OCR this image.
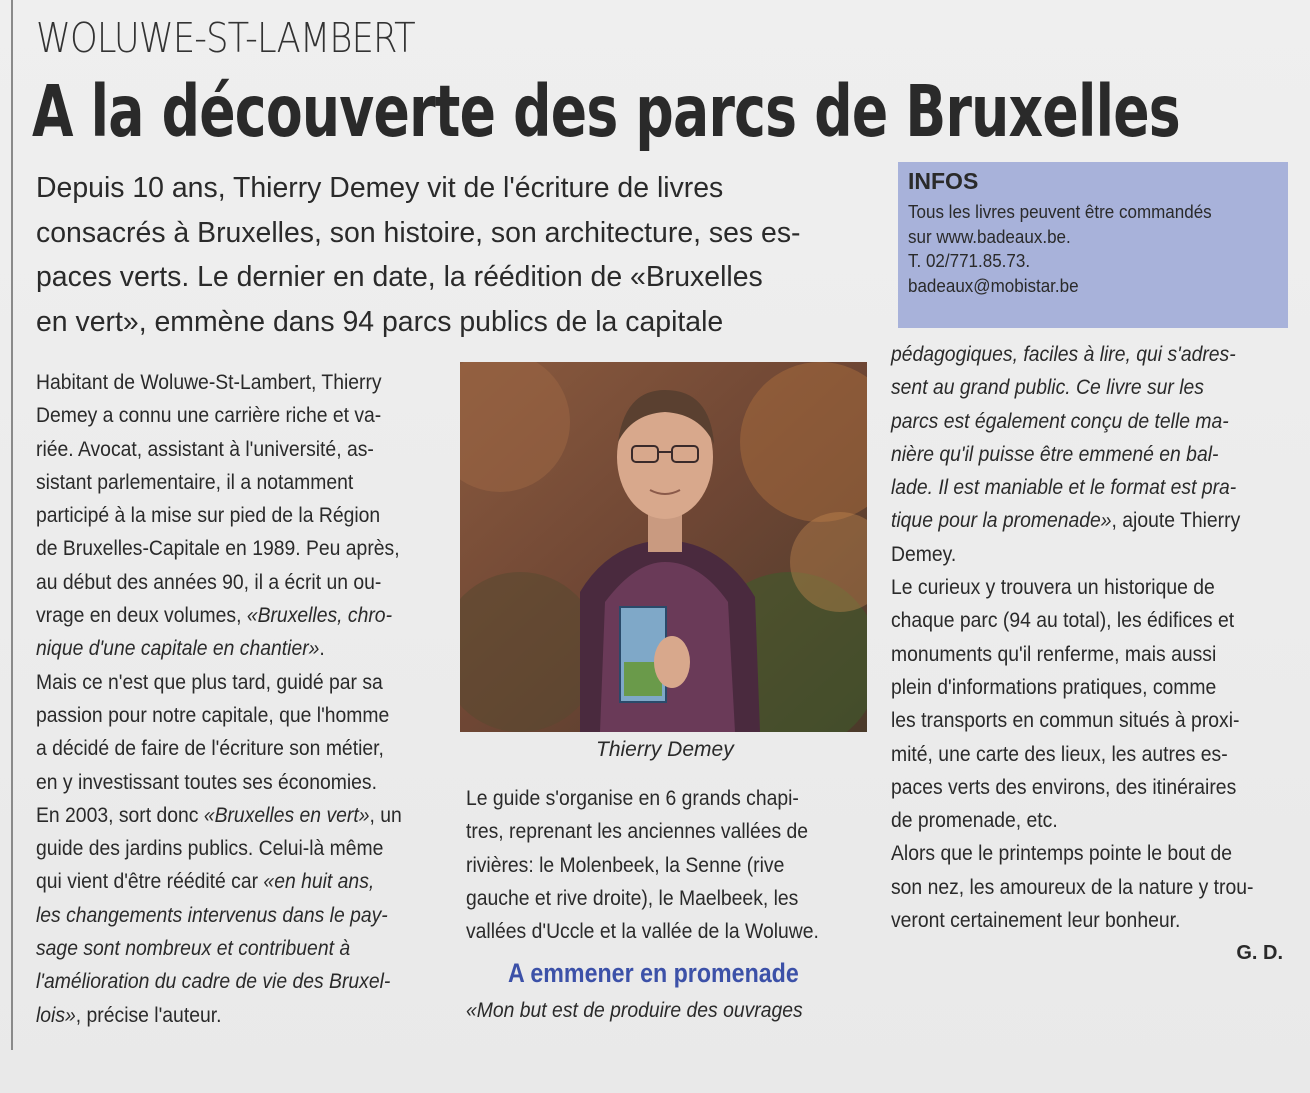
WOLUWE-ST-LAMBERT
A la découverte des parcs de Bruxelles
Depuis 10 ans, Thierry Demey vit de l'écriture de livres
consacrés à Bruxelles, son histoire, son architecture, ses es-
paces verts. Le dernier en date, la réédition de «Bruxelles
en vert», emmène dans 94 parcs publics de la capitale
INFOS
Tous les livres peuvent être commandés
sur www.badeaux.be.
T. 02/771.85.73.
badeaux@mobistar.be
Habitant de Woluwe-St-Lambert, Thierry
Demey a connu une carrière riche et va-
riée. Avocat, assistant à l'université, as-
sistant parlementaire, il a notamment
participé à la mise sur pied de la Région
de Bruxelles-Capitale en 1989. Peu après,
au début des années 90, il a écrit un ou-
vrage en deux volumes, «Bruxelles, chro-
nique d'une capitale en chantier».
Mais ce n'est que plus tard, guidé par sa
passion pour notre capitale, que l'homme
a décidé de faire de l'écriture son métier,
en y investissant toutes ses économies.
En 2003, sort donc «Bruxelles en vert», un
guide des jardins publics. Celui-là même
qui vient d'être réédité car «en huit ans,
les changements intervenus dans le pay-
sage sont nombreux et contribuent à
l'amélioration du cadre de vie des Bruxel-
lois», précise l'auteur.
Thierry Demey
Le guide s'organise en 6 grands chapi-
tres, reprenant les anciennes vallées de
rivières: le Molenbeek, la Senne (rive
gauche et rive droite), le Maelbeek, les
vallées d'Uccle et la vallée de la Woluwe.
A emmener en promenade
«Mon but est de produire des ouvrages
pédagogiques, faciles à lire, qui s'adres-
sent au grand public. Ce livre sur les
parcs est également conçu de telle ma-
nière qu'il puisse être emmené en bal-
lade. Il est maniable et le format est pra-
tique pour la promenade», ajoute Thierry
Demey.
Le curieux y trouvera un historique de
chaque parc (94 au total), les édifices et
monuments qu'il renferme, mais aussi
plein d'informations pratiques, comme
les transports en commun situés à proxi-
mité, une carte des lieux, les autres es-
paces verts des environs, des itinéraires
de promenade, etc.
Alors que le printemps pointe le bout de
son nez, les amoureux de la nature y trou-
veront certainement leur bonheur.
G. D.
